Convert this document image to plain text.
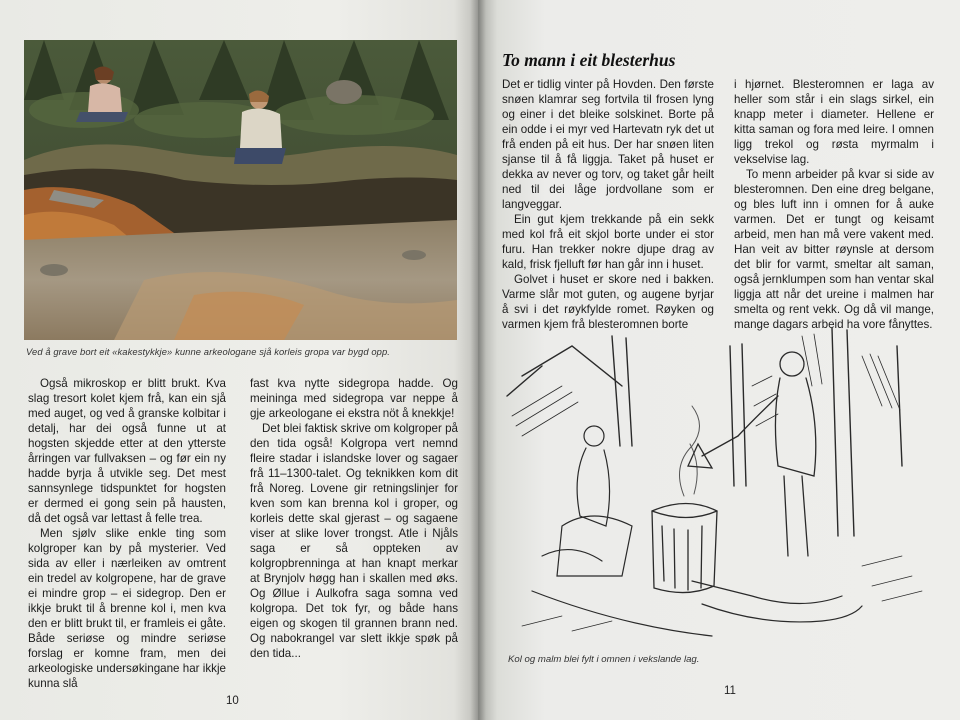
Ved å grave bort eit «kakestykkje» kunne arkeologane sjå korleis gropa var bygd opp.

Også mikroskop er blitt brukt. Kva slag tresort kolet kjem frå, kan ein sjå med auget, og ved å granske kolbitar i detalj, har dei også funne ut at hogsten skjedde etter at den ytterste årringen var fullvaksen – og før ein ny hadde byrja å utvikle seg. Det mest sannsynlege tidspunktet for hogsten er dermed ei gong sein på hausten, då det også var lettast å felle trea.

Men sjølv slike enkle ting som kolgroper kan by på mysterier. Ved sida av eller i nærleiken av omtrent ein tredel av kolgropene, har de grave ei mindre grop – ei sidegrop. Den er ikkje brukt til å brenne kol i, men kva den er blitt brukt til, er framleis ei gåte. Både seriøse og mindre seriøse forslag er komne fram, men dei arkeologiske undersøkingane har ikkje kunna slå

fast kva nytte sidegropa hadde. Og meininga med sidegropa var neppe å gje arkeologane ei ekstra nöt å knekkje!

Det blei faktisk skrive om kolgroper på den tida også! Kolgropa vert nemnd fleire stadar i islandske lover og sagaer frå 11–1300-talet. Og teknikken kom dit frå Noreg. Lovene gir retningslinjer for kven som kan brenna kol i groper, og korleis dette skal gjerast – og sagaene viser at slike lover trongst. Atle i Njåls saga er så oppteken av kolgropbrenninga at han knapt merkar at Brynjolv høgg han i skallen med øks. Og Øllue i Aulkofra saga somna ved kolgropa. Det tok fyr, og både hans eigen og skogen til grannen brann ned. Og nabokrangel var slett ikkje spøk på den tida...

10
To mann i eit blesterhus

Det er tidlig vinter på Hovden. Den første snøen klamrar seg fortvila til frosen lyng og einer i det bleike solskinet. Borte på ein odde i ei myr ved Hartevatn ryk det ut frå enden på eit hus. Der har snøen liten sjanse til å få liggja. Taket på huset er dekka av never og torv, og taket går heilt ned til dei låge jordvollane som er langveggar.

Ein gut kjem trekkande på ein sekk med kol frå eit skjol borte under ei stor furu. Han trekker nokre djupe drag av kald, frisk fjelluft før han går inn i huset.

Golvet i huset er skore ned i bakken. Varme slår mot guten, og augene byrjar å svi i det røykfylde romet. Røyken og varmen kjem frå blesteromnen borte

i hjørnet. Blesteromnen er laga av heller som står i ein slags sirkel, ein knapp meter i diameter. Hellene er kitta saman og fora med leire. I omnen ligg trekol og røsta myrmalm i vekselvise lag.

To menn arbeider på kvar si side av blesteromnen. Den eine dreg belgane, og bles luft inn i omnen for å auke varmen. Det er tungt og keisamt arbeid, men han må vere vakent med. Han veit av bitter røynsle at dersom det blir for varmt, smeltar alt saman, også jernklumpen som han ventar skal liggja att når det ureine i malmen har smelta og rent vekk. Og då vil mange, mange dagars arbeid ha vore fånyttes.

Kol og malm blei fylt i omnen i vekslande lag.
11
